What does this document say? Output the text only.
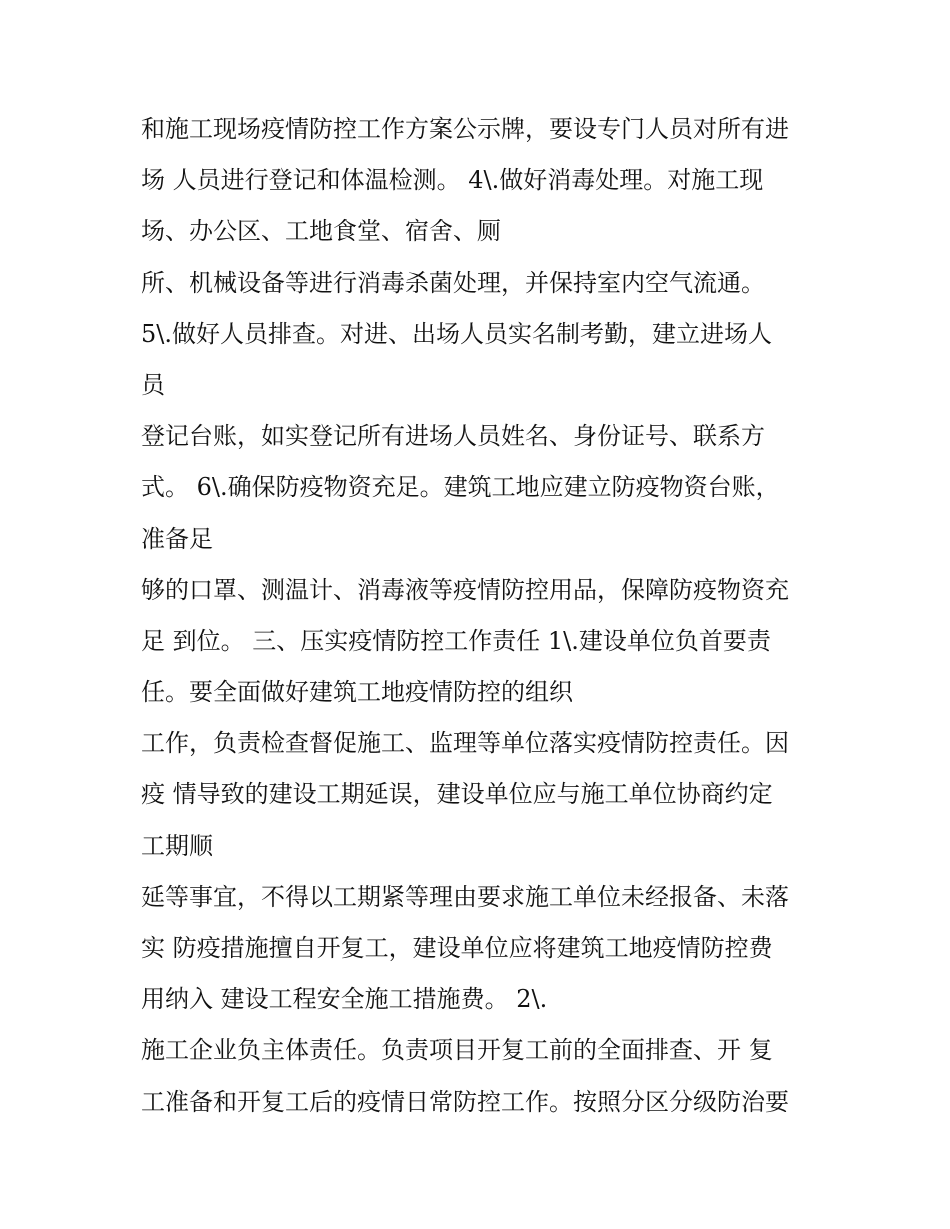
和施工现场疫情防控工作方案公示牌，要设专门人员对所有进
场 人员进行登记和体温检测。 4\.做好消毒处理。对施工现
场、办公区、工地食堂、宿舍、厕
所、机械设备等进行消毒杀菌处理，并保持室内空气流通。
5\.做好人员排查。对进、出场人员实名制考勤，建立进场人
员
登记台账，如实登记所有进场人员姓名、身份证号、联系方
式。 6\.确保防疫物资充足。建筑工地应建立防疫物资台账，
准备足
够的口罩、测温计、消毒液等疫情防控用品，保障防疫物资充
足 到位。 三、压实疫情防控工作责任 1\.建设单位负首要责
任。要全面做好建筑工地疫情防控的组织
工作，负责检查督促施工、监理等单位落实疫情防控责任。因
疫 情导致的建设工期延误，建设单位应与施工单位协商约定
工期顺
延等事宜，不得以工期紧等理由要求施工单位未经报备、未落
实 防疫措施擅自开复工，建设单位应将建筑工地疫情防控费
用纳入 建设工程安全施工措施费。 2\.
施工企业负主体责任。负责项目开复工前的全面排查、开 复
工准备和开复工后的疫情日常防控工作。按照分区分级防治要
